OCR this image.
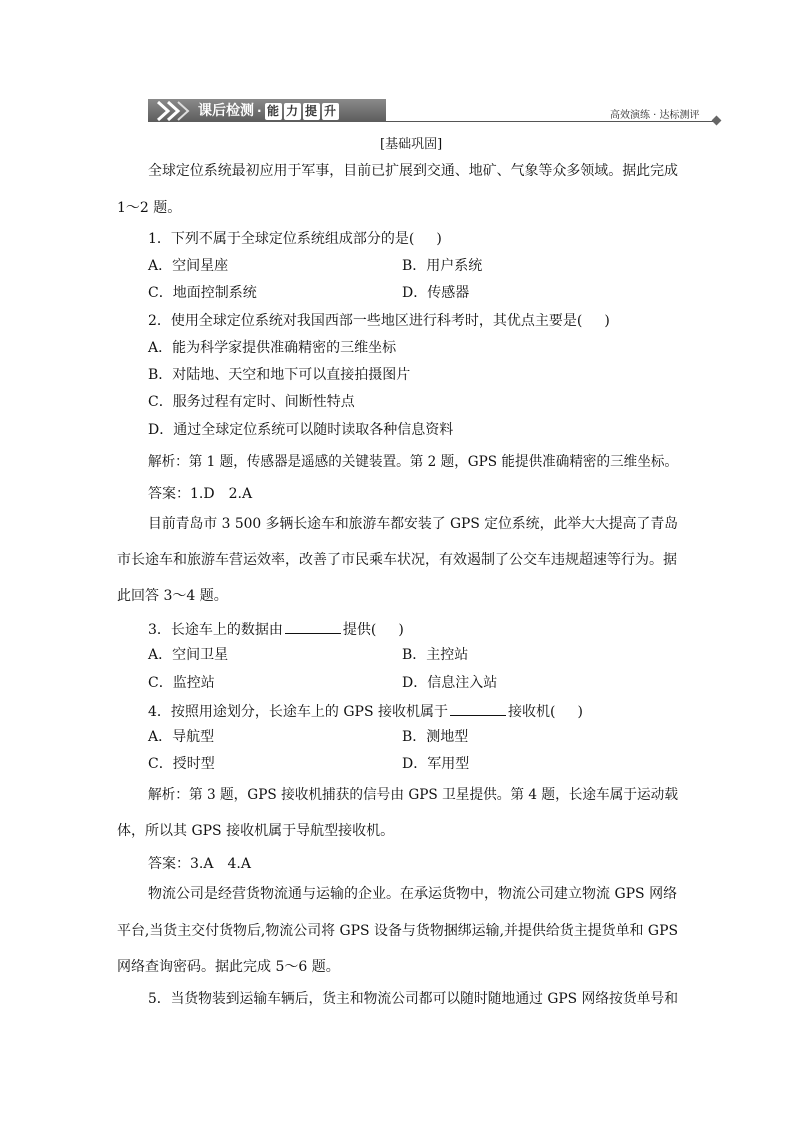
课后检测 · 能 力 提 升	高效演练 · 达标测评
[基础巩固]
全球定位系统最初应用于军事，目前已扩展到交通、地矿、气象等众多领域。据此完成
1～2 题。
1．下列不属于全球定位系统组成部分的是( )
A．空间星座	B．用户系统
C．地面控制系统	D．传感器
2．使用全球定位系统对我国西部一些地区进行科考时，其优点主要是( )
A．能为科学家提供准确精密的三维坐标
B．对陆地、天空和地下可以直接拍摄图片
C．服务过程有定时、间断性特点
D．通过全球定位系统可以随时读取各种信息资料
解析：第 1 题，传感器是遥感的关键装置。第 2 题，GPS 能提供准确精密的三维坐标。
答案：1.D　2.A
目前青岛市 3 500 多辆长途车和旅游车都安装了 GPS 定位系统，此举大大提高了青岛
市长途车和旅游车营运效率，改善了市民乘车状况，有效遏制了公交车违规超速等行为。据
此回答 3～4 题。
3．长途车上的数据由	提供( )
A．空间卫星	B．主控站
C．监控站	D．信息注入站
4．按照用途划分，长途车上的 GPS 接收机属于	接收机( )
A．导航型	B．测地型
C．授时型	D．军用型
解析：第 3 题，GPS 接收机捕获的信号由 GPS 卫星提供。第 4 题，长途车属于运动载
体，所以其 GPS 接收机属于导航型接收机。
答案：3.A　4.A
物流公司是经营货物流通与运输的企业。在承运货物中，物流公司建立物流 GPS 网络
平台,当货主交付货物后,物流公司将 GPS 设备与货物捆绑运输,并提供给货主提货单和 GPS
网络查询密码。据此完成 5～6 题。
5．当货物装到运输车辆后，货主和物流公司都可以随时随地通过 GPS 网络按货单号和
